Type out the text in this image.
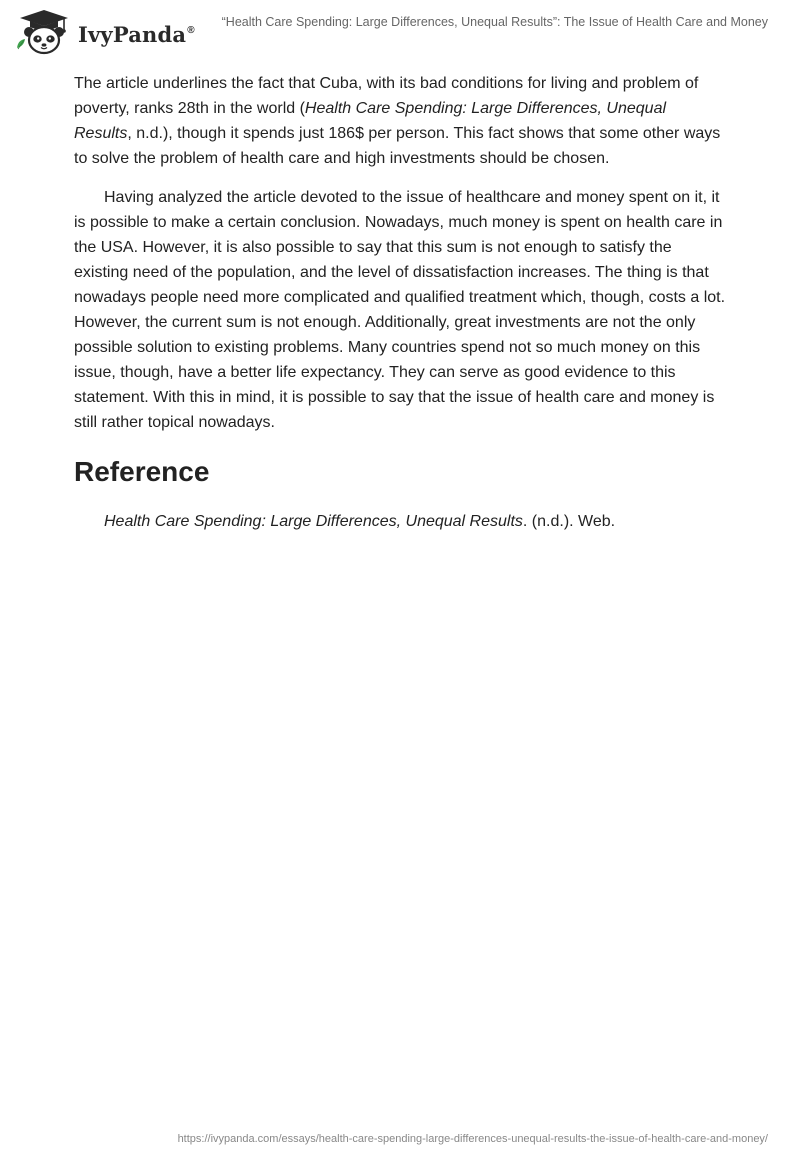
IvyPanda®
“Health Care Spending: Large Differences, Unequal Results”: The Issue of Health Care and Money

The article underlines the fact that Cuba, with its bad conditions for living and problem of poverty, ranks 28th in the world (Health Care Spending: Large Differences, Unequal Results, n.d.), though it spends just 186$ per person. This fact shows that some other ways to solve the problem of health care and high investments should be chosen.

Having analyzed the article devoted to the issue of healthcare and money spent on it, it is possible to make a certain conclusion. Nowadays, much money is spent on health care in the USA. However, it is also possible to say that this sum is not enough to satisfy the existing need of the population, and the level of dissatisfaction increases. The thing is that nowadays people need more complicated and qualified treatment which, though, costs a lot. However, the current sum is not enough. Additionally, great investments are not the only possible solution to existing problems. Many countries spend not so much money on this issue, though, have a better life expectancy. They can serve as good evidence to this statement. With this in mind, it is possible to say that the issue of health care and money is still rather topical nowadays.

Reference

Health Care Spending: Large Differences, Unequal Results. (n.d.). Web.

https://ivypanda.com/essays/health-care-spending-large-differences-unequal-results-the-issue-of-health-care-and-money/
